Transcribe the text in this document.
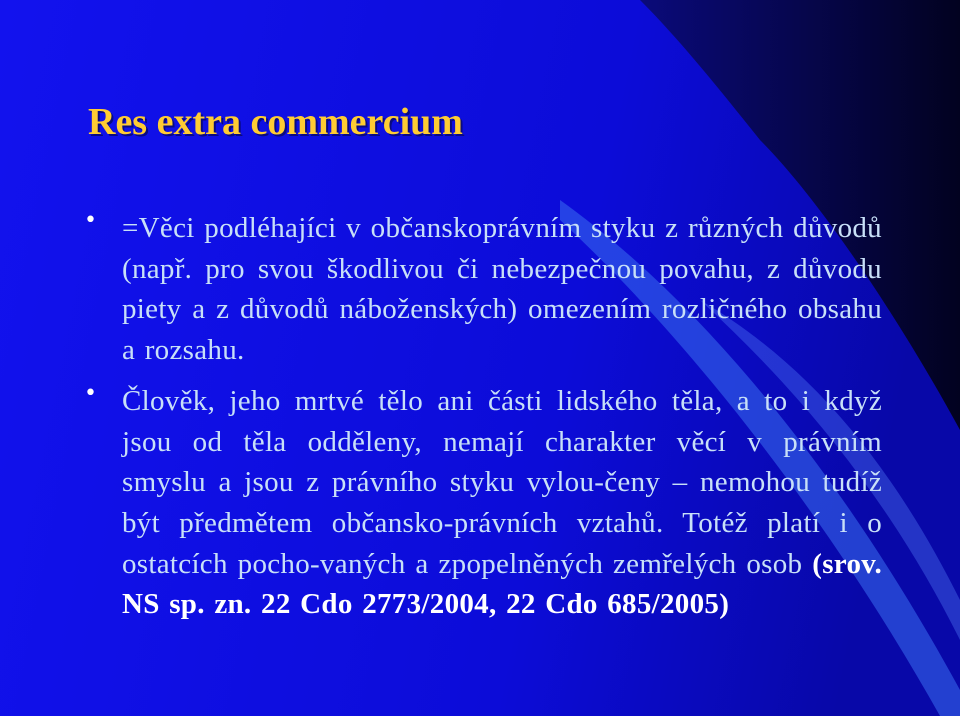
Res extra commercium
• =Věci podléhajíci v občanskoprávním styku z různých důvodů (např. pro svou škodlivou či nebezpečnou povahu, z důvodu piety a z důvodů náboženských) omezením rozličného obsahu a rozsahu.
• Člověk, jeho mrtvé tělo ani části lidského těla, a to i když jsou od těla odděleny, nemají charakter věcí v právním smyslu a jsou z právního styku vylou-čeny – nemohou tudíž být předmětem občansko-právních vztahů. Totéž platí i o ostatcích pocho-vaných a zpopelněných zemřelých osob (srov. NS sp. zn. 22 Cdo 2773/2004, 22 Cdo 685/2005)
